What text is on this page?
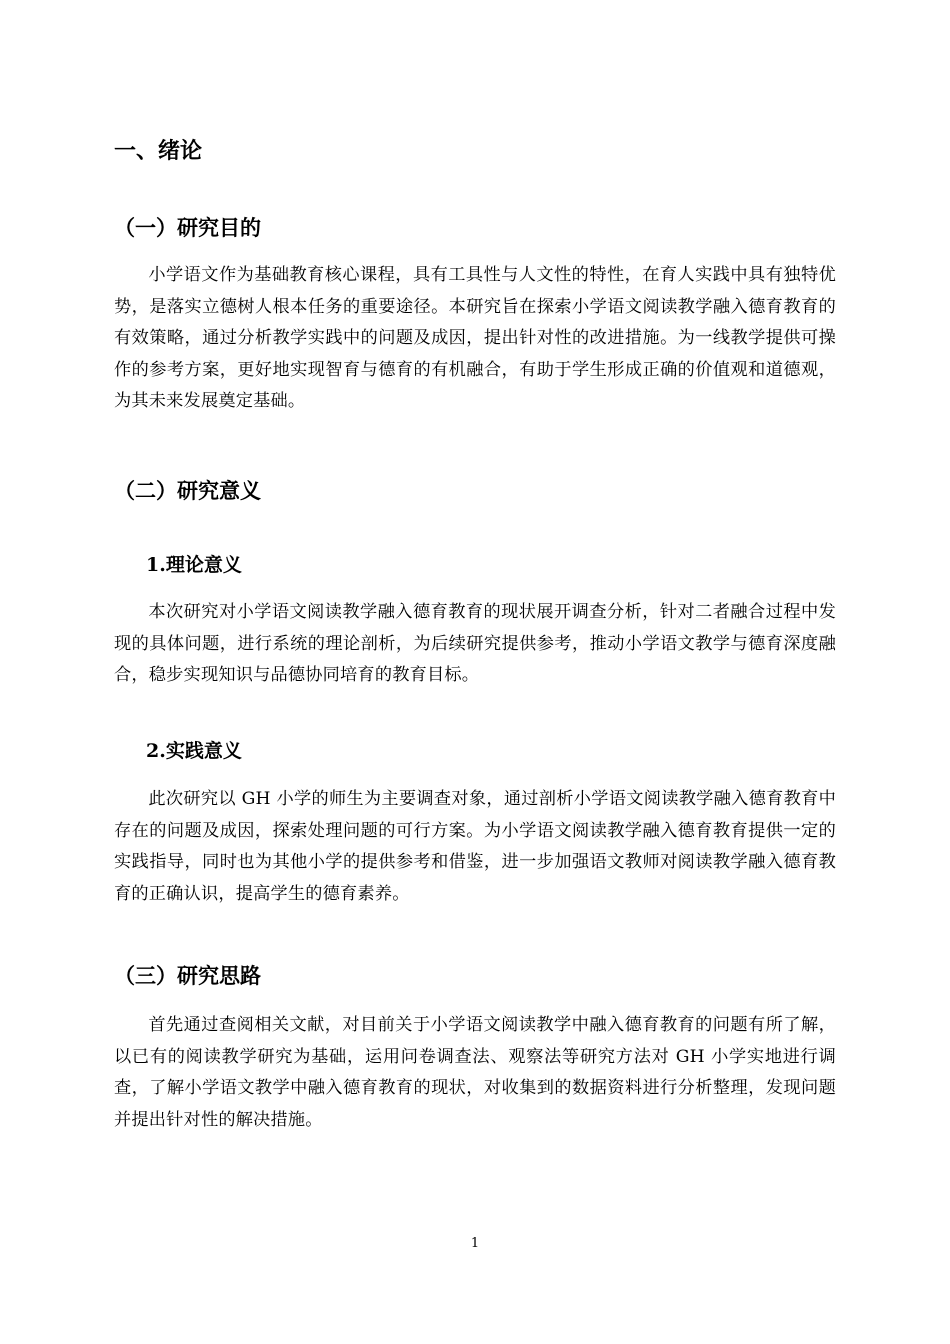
一、绪论
（一）研究目的

小学语文作为基础教育核心课程，具有工具性与人文性的特性，在育人实践中具有独特优势，是落实立德树人根本任务的重要途径。本研究旨在探索小学语文阅读教学融入德育教育的有效策略，通过分析教学实践中的问题及成因，提出针对性的改进措施。为一线教学提供可操作的参考方案，更好地实现智育与德育的有机融合，有助于学生形成正确的价值观和道德观，为其未来发展奠定基础。

（二）研究意义
1.理论意义

本次研究对小学语文阅读教学融入德育教育的现状展开调查分析，针对二者融合过程中发现的具体问题，进行系统的理论剖析，为后续研究提供参考，推动小学语文教学与德育深度融合，稳步实现知识与品德协同培育的教育目标。

2.实践意义

此次研究以 GH 小学的师生为主要调查对象，通过剖析小学语文阅读教学融入德育教育中存在的问题及成因，探索处理问题的可行方案。为小学语文阅读教学融入德育教育提供一定的实践指导，同时也为其他小学的提供参考和借鉴，进一步加强语文教师对阅读教学融入德育教育的正确认识，提高学生的德育素养。

（三）研究思路

首先通过查阅相关文献，对目前关于小学语文阅读教学中融入德育教育的问题有所了解，以已有的阅读教学研究为基础，运用问卷调查法、观察法等研究方法对 GH 小学实地进行调查，了解小学语文教学中融入德育教育的现状，对收集到的数据资料进行分析整理，发现问题并提出针对性的解决措施。

1
